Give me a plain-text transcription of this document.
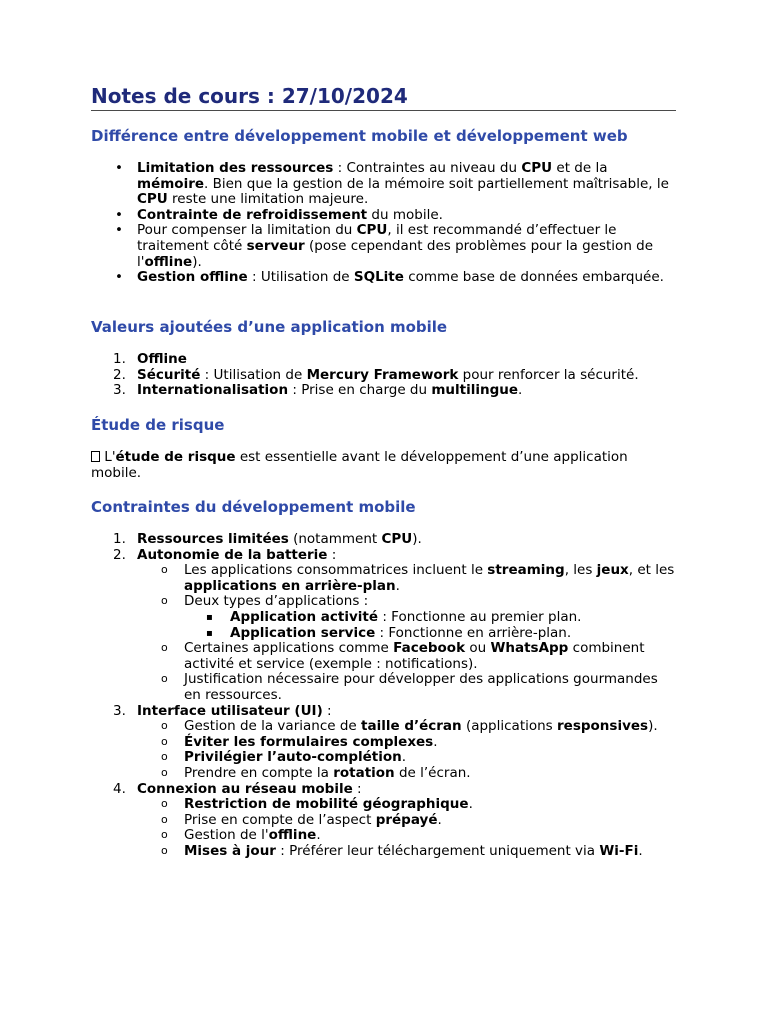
Notes de cours : 27/10/2024
Différence entre développement mobile et développement web
• Limitation des ressources : Contraintes au niveau du CPU et de la mémoire. Bien que la gestion de la mémoire soit partiellement maîtrisable, le CPU reste une limitation majeure.
• Contrainte de refroidissement du mobile.
• Pour compenser la limitation du CPU, il est recommandé d’effectuer le traitement côté serveur (pose cependant des problèmes pour la gestion de l'offline).
• Gestion offline : Utilisation de SQLite comme base de données embarquée.
Valeurs ajoutées d’une application mobile
1. Offline
2. Sécurité : Utilisation de Mercury Framework pour renforcer la sécurité.
3. Internationalisation : Prise en charge du multilingue.
Étude de risque

L'étude de risque est essentielle avant le développement d’une application mobile.

Contraintes du développement mobile
1. Ressources limitées (notamment CPU).
2. Autonomie de la batterie :
o Les applications consommatrices incluent le streaming, les jeux, et les applications en arrière-plan.
o Deux types d’applications :
▪ Application activité : Fonctionne au premier plan.
▪ Application service : Fonctionne en arrière-plan.
o Certaines applications comme Facebook ou WhatsApp combinent activité et service (exemple : notifications).
o Justification nécessaire pour développer des applications gourmandes en ressources.
3. Interface utilisateur (UI) :
o Gestion de la variance de taille d’écran (applications responsives).
o Éviter les formulaires complexes.
o Privilégier l’auto-complétion.
o Prendre en compte la rotation de l’écran.
4. Connexion au réseau mobile :
o Restriction de mobilité géographique.
o Prise en compte de l’aspect prépayé.
o Gestion de l'offline.
o Mises à jour : Préférer leur téléchargement uniquement via Wi-Fi.
